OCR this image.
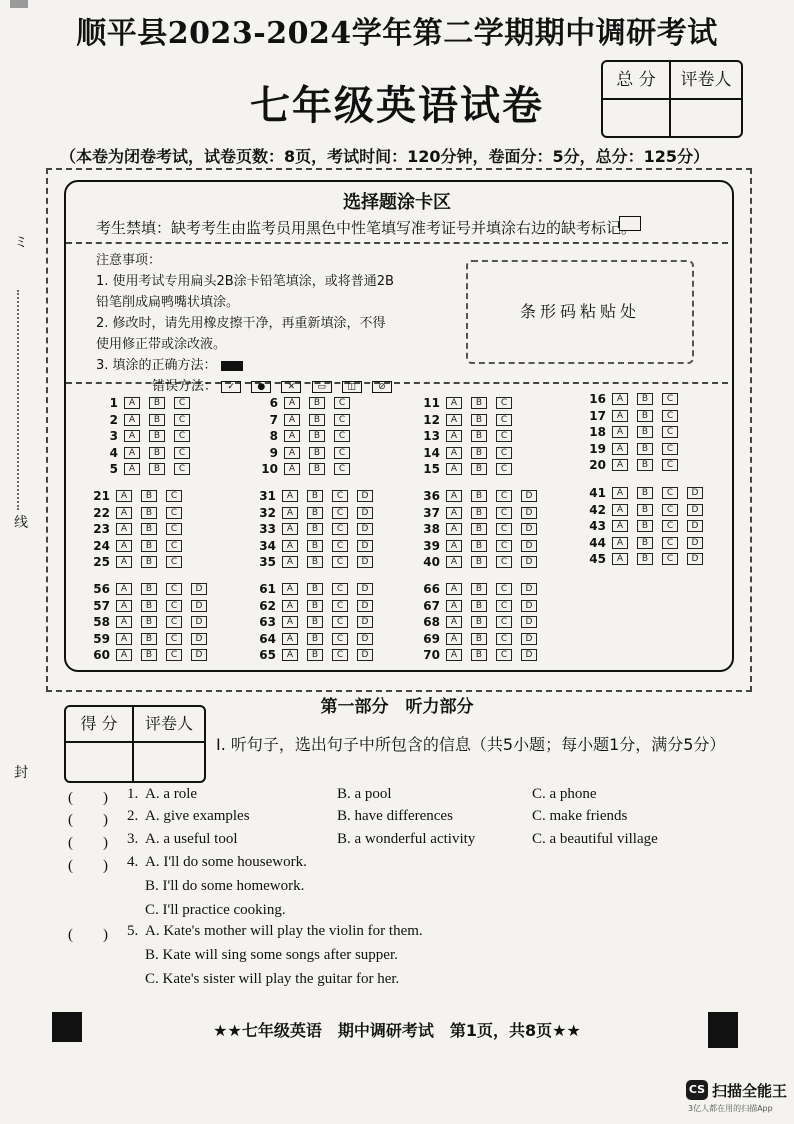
顺平县2023-2024学年第二学期期中调研考试
七年级英语试卷
总 分	评卷人
（本卷为闭卷考试，试卷页数：8页，考试时间：120分钟，卷面分：5分，总分：125分）
ミ
线
封
选择题涂卡区
考生禁填：缺考考生由监考员用黑色中性笔填写准考证号并填涂右边的缺考标记。
注意事项：
1. 使用考试专用扁头2B涂卡铅笔填涂，或将普通2B
铅笔削成扁鸭嘴状填涂。
2. 修改时，请先用橡皮擦干净，再重新填涂，不得
使用修正带或涂改液。
3. 填涂的正确方法：
错误方法： ✓ ● ✕ ▭ ◫ ⊘
条形码粘贴处
1	A	B	C
2	A	B	C
3	A	B	C
4	A	B	C
5	A	B	C
6	A	B	C
7	A	B	C
8	A	B	C
9	A	B	C
10	A	B	C
11	A	B	C
12	A	B	C
13	A	B	C
14	A	B	C
15	A	B	C
16	A	B	C
17	A	B	C
18	A	B	C
19	A	B	C
20	A	B	C
21	A	B	C
22	A	B	C
23	A	B	C
24	A	B	C
25	A	B	C
31	A	B	C	D
32	A	B	C	D
33	A	B	C	D
34	A	B	C	D
35	A	B	C	D
36	A	B	C	D
37	A	B	C	D
38	A	B	C	D
39	A	B	C	D
40	A	B	C	D
41	A	B	C	D
42	A	B	C	D
43	A	B	C	D
44	A	B	C	D
45	A	B	C	D
56	A	B	C	D
57	A	B	C	D
58	A	B	C	D
59	A	B	C	D
60	A	B	C	D
61	A	B	C	D
62	A	B	C	D
63	A	B	C	D
64	A	B	C	D
65	A	B	C	D
66	A	B	C	D
67	A	B	C	D
68	A	B	C	D
69	A	B	C	D
70	A	B	C	D
第一部分　听力部分
得 分	评卷人
Ⅰ. 听句子，选出句子中所包含的信息（共5小题；每小题1分，满分5分）
(　　) 1. A. a role	B. a pool	C. a phone
(　　) 2. A. give examples	B. have differences	C. make friends
(　　) 3. A. a useful tool	B. a wonderful activity	C. a beautiful village
(　　) 4. A. I'll do some housework.
B. I'll do some homework.
C. I'll practice cooking.
(　　) 5. A. Kate's mother will play the violin for them.
B. Kate will sing some songs after supper.
C. Kate's sister will play the guitar for her.
★★七年级英语　期中调研考试　第1页，共8页★★
CS 扫描全能王
3亿人都在用的扫描App
